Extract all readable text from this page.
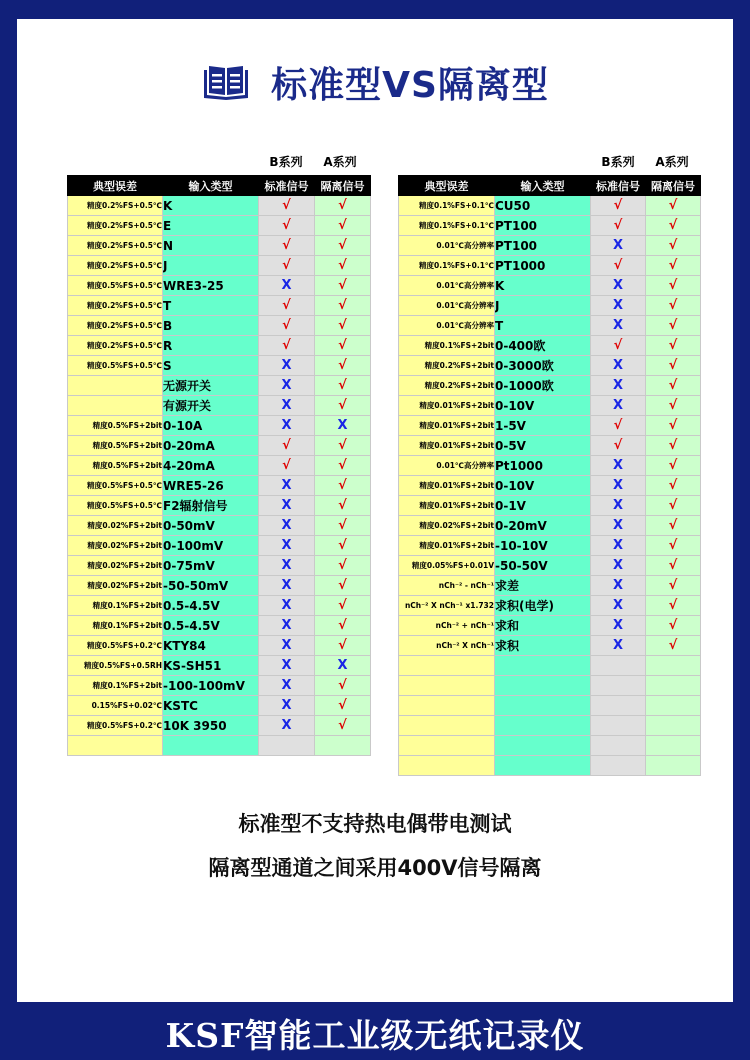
标准型VS隔离型
B系列	A系列	B系列	A系列
典型误差	输入类型	标准信号	隔离信号
精度0.2%FS+0.5℃	K	√	√
精度0.2%FS+0.5℃	E	√	√
精度0.2%FS+0.5℃	N	√	√
精度0.2%FS+0.5℃	J	√	√
精度0.5%FS+0.5℃	WRE3-25	X	√
精度0.2%FS+0.5℃	T	√	√
精度0.2%FS+0.5℃	B	√	√
精度0.2%FS+0.5℃	R	√	√
精度0.5%FS+0.5℃	S	X	√
	无源开关	X	√
	有源开关	X	√
精度0.5%FS+2bit	0-10A	X	X
精度0.5%FS+2bit	0-20mA	√	√
精度0.5%FS+2bit	4-20mA	√	√
精度0.5%FS+0.5℃	WRE5-26	X	√
精度0.5%FS+0.5℃	F2辐射信号	X	√
精度0.02%FS+2bit	0-50mV	X	√
精度0.02%FS+2bit	0-100mV	X	√
精度0.02%FS+2bit	0-75mV	X	√
精度0.02%FS+2bit	-50-50mV	X	√
精度0.1%FS+2bit	0.5-4.5V	X	√
精度0.1%FS+2bit	0.5-4.5V	X	√
精度0.5%FS+0.2℃	KTY84	X	√
精度0.5%FS+0.5RH	KS-SH51	X	X
精度0.1%FS+2bit	-100-100mV	X	√
0.15%FS+0.02℃	KSTC	X	√
精度0.5%FS+0.2℃	10K 3950	X	√

典型误差	输入类型	标准信号	隔离信号
精度0.1%FS+0.1℃	CU50	√	√
精度0.1%FS+0.1℃	PT100	√	√
0.01℃高分辨率	PT100	X	√
精度0.1%FS+0.1℃	PT1000	√	√
0.01℃高分辨率	K	X	√
0.01℃高分辨率	J	X	√
0.01℃高分辨率	T	X	√
精度0.1%FS+2bit	0-400欧	√	√
精度0.2%FS+2bit	0-3000欧	X	√
精度0.2%FS+2bit	0-1000欧	X	√
精度0.01%FS+2bit	0-10V	X	√
精度0.01%FS+2bit	1-5V	√	√
精度0.01%FS+2bit	0-5V	√	√
0.01℃高分辨率	Pt1000	X	√
精度0.01%FS+2bit	0-10V	X	√
精度0.01%FS+2bit	0-1V	X	√
精度0.02%FS+2bit	0-20mV	X	√
精度0.01%FS+2bit	-10-10V	X	√
精度0.05%FS+0.01V	-50-50V	X	√
nCh⁻² - nCh⁻¹	求差	X	√
nCh⁻² X nCh⁻¹ x1.732	求积(电学)	X	√
nCh⁻² + nCh⁻¹	求和	X	√
nCh⁻² X nCh⁻¹	求积	X	√

标准型不支持热电偶带电测试
隔离型通道之间采用400V信号隔离
KSF智能工业级无纸记录仪
